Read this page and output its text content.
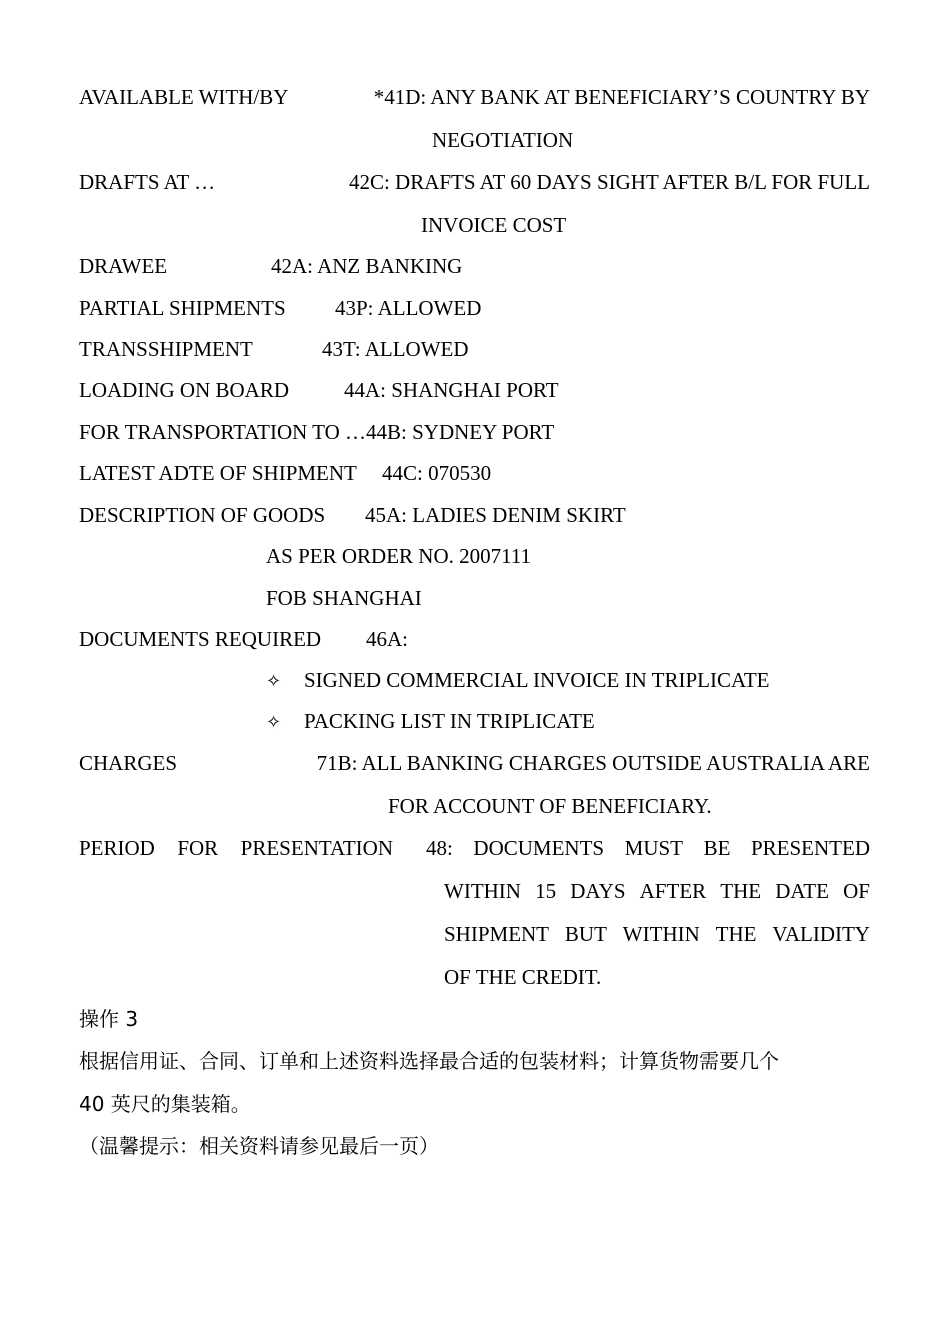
AVAILABLE WITH/BY	*41D: ANY BANK AT BENEFICIARY’S COUNTRY BY
NEGOTIATION
DRAFTS AT …	42C: DRAFTS AT 60 DAYS SIGHT AFTER B/L FOR FULL
INVOICE COST
DRAWEE	42A: ANZ BANKING
PARTIAL SHIPMENTS 43P: ALLOWED
TRANSSHIPMENT	43T: ALLOWED
LOADING ON BOARD	44A: SHANGHAI PORT
FOR TRANSPORTATION TO …44B: SYDNEY PORT
LATEST ADTE OF SHIPMENT 44C: 070530
DESCRIPTION OF GOODS 45A: LADIES DENIM SKIRT
AS PER ORDER NO. 2007111
FOB SHANGHAI
DOCUMENTS REQUIRED 46A:
✧ SIGNED COMMERCIAL INVOICE IN TRIPLICATE
✧ PACKING LIST IN TRIPLICATE
CHARGES	71B: ALL BANKING CHARGES OUTSIDE AUSTRALIA ARE
FOR ACCOUNT OF BENEFICIARY.
PERIOD FOR PRESENTATION 48: DOCUMENTS MUST BE PRESENTED
WITHIN 15 DAYS AFTER THE DATE OF
SHIPMENT BUT WITHIN THE VALIDITY
OF THE CREDIT.
操作 3
根据信用证、合同、订单和上述资料选择最合适的包装材料；计算货物需要几个
40 英尺的集装箱。
（温馨提示：相关资料请参见最后一页）
